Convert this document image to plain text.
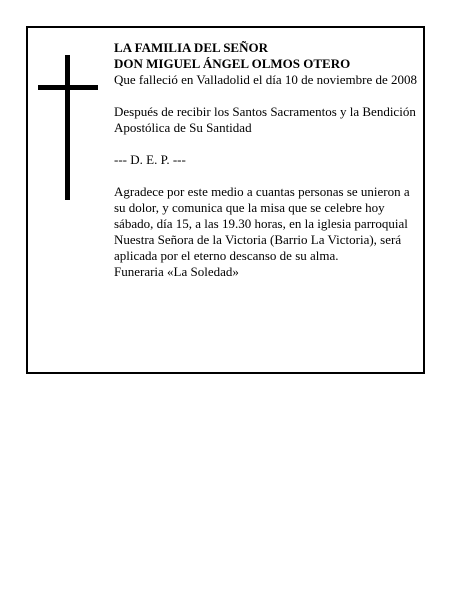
LA FAMILIA DEL SEÑOR

DON MIGUEL ÁNGEL OLMOS OTERO

Que falleció en Valladolid el día 10 de noviembre de 2008

Después de recibir los Santos Sacramentos y la Bendición Apostólica de Su Santidad

--- D. E. P. ---

Agradece por este medio a cuantas personas se unieron a su dolor, y comunica que la misa que se celebre hoy sábado, día 15, a las 19.30 horas, en la iglesia parroquial Nuestra Señora de la Victoria (Barrio La Victoria), será aplicada por el eterno descanso de su alma.

Funeraria «La Soledad»
